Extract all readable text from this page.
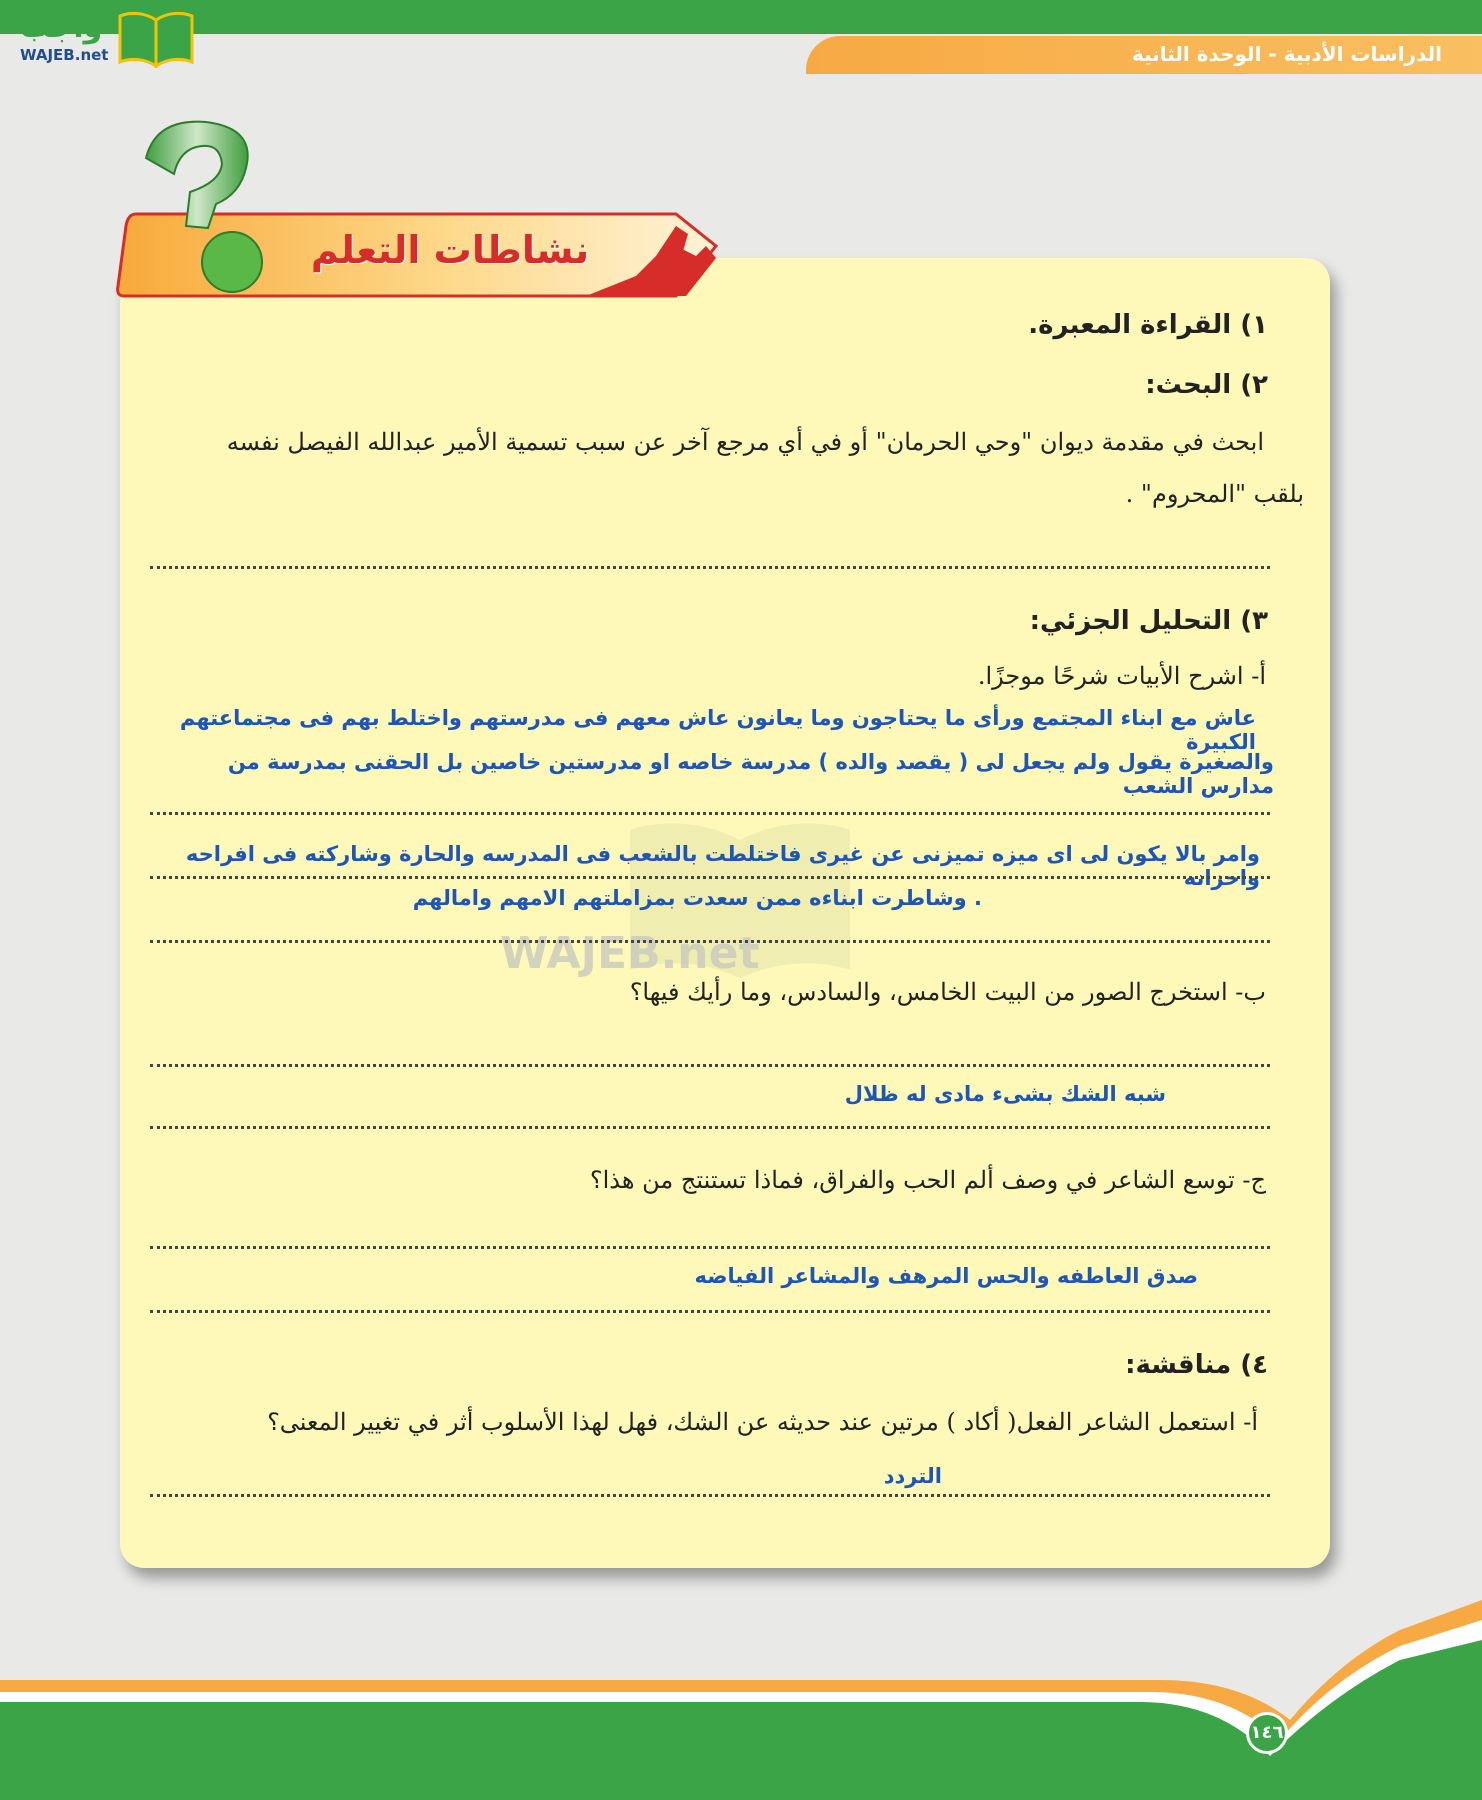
الدراسات الأدبية - الوحدة الثانية
واجب
WAJEB.net
نشاطات التعلم
WAJEB.net
١) القراءة المعبرة.
٢) البحث:
ابحث في مقدمة ديوان "وحي الحرمان" أو في أي مرجع آخر عن سبب تسمية الأمير عبدالله الفيصل نفسه
بلقب "المحروم" .
٣) التحليل الجزئي:
أ- اشرح الأبيات شرحًا موجزًا.
عاش مع ابناء المجتمع ورأى ما يحتاجون وما يعانون عاش معهم فى مدرستهم واختلط بهم فى مجتماعتهم الكبيرة
والصغيرة يقول ولم يجعل لى ( يقصد والده ) مدرسة خاصه او مدرستين خاصين بل الحقنى بمدرسة من مدارس الشعب
وامر بالا يكون لى اى ميزه تميزنى عن غيرى فاختلطت بالشعب فى المدرسه والحارة وشاركته فى افراحه واحزانه
. وشاطرت ابناءه ممن سعدت بمزاملتهم الامهم وامالهم
ب- استخرج الصور من البيت الخامس، والسادس، وما رأيك فيها؟
شبه الشك بشىء مادى له ظلال
ج- توسع الشاعر في وصف ألم الحب والفراق، فماذا تستنتج من هذا؟
صدق العاطفه والحس المرهف والمشاعر الفياضه
٤) مناقشة:
أ- استعمل الشاعر الفعل( أكاد ) مرتين عند حديثه عن الشك، فهل لهذا الأسلوب أثر في تغيير المعنى؟
التردد
١٤٦
